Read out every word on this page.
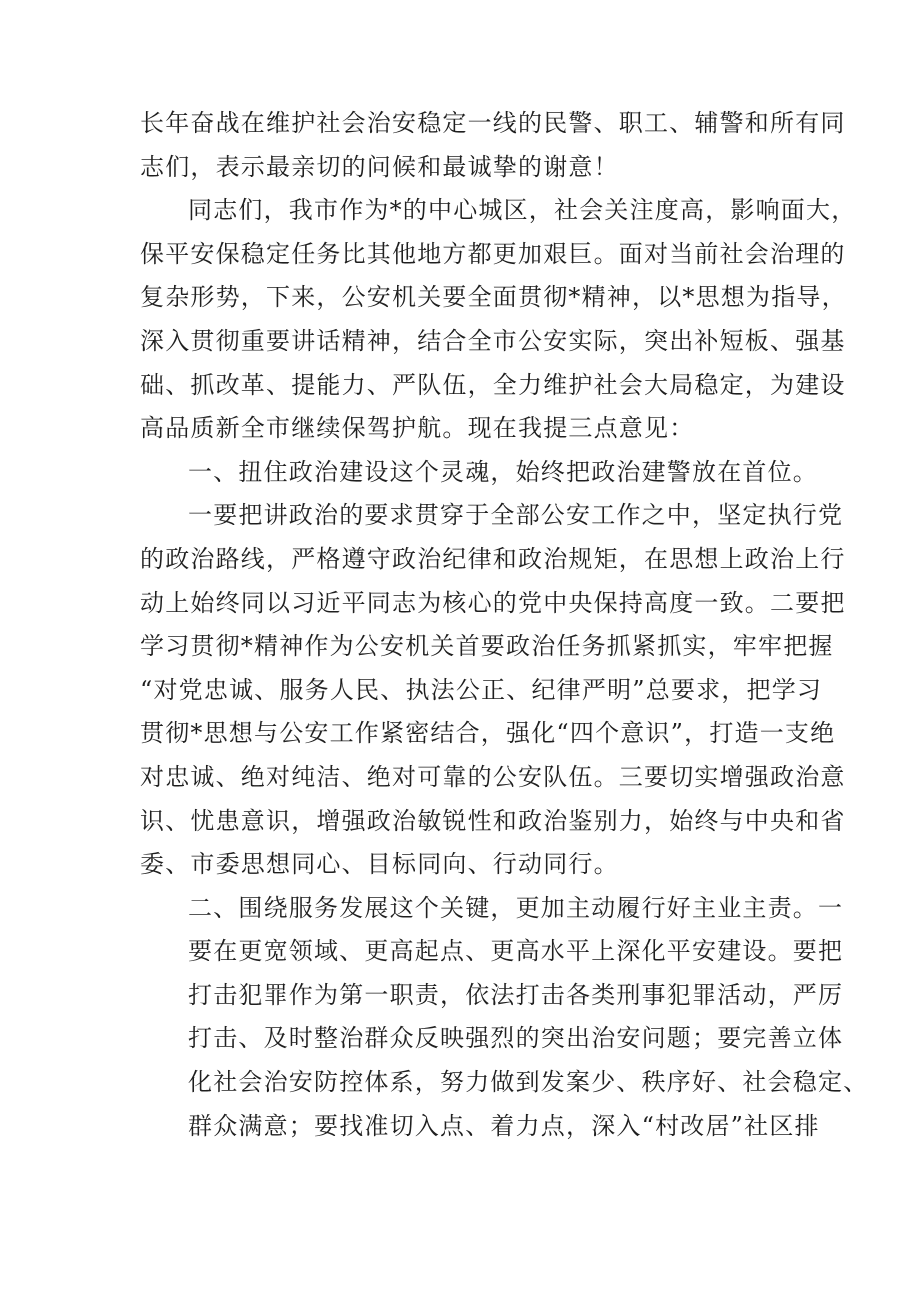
长年奋战在维护社会治安稳定一线的民警、职工、辅警和所有同
志们，表示最亲切的问候和最诚挚的谢意！
同志们，我市作为*的中心城区，社会关注度高，影响面大，
保平安保稳定任务比其他地方都更加艰巨。面对当前社会治理的
复杂形势，下来，公安机关要全面贯彻*精神，以*思想为指导，
深入贯彻重要讲话精神，结合全市公安实际，突出补短板、强基
础、抓改革、提能力、严队伍，全力维护社会大局稳定，为建设
高品质新全市继续保驾护航。现在我提三点意见：
一、扭住政治建设这个灵魂，始终把政治建警放在首位。
一要把讲政治的要求贯穿于全部公安工作之中，坚定执行党
的政治路线，严格遵守政治纪律和政治规矩，在思想上政治上行
动上始终同以习近平同志为核心的党中央保持高度一致。二要把
学习贯彻*精神作为公安机关首要政治任务抓紧抓实，牢牢把握
“对党忠诚、服务人民、执法公正、纪律严明”总要求，把学习
贯彻*思想与公安工作紧密结合，强化“四个意识”，打造一支绝
对忠诚、绝对纯洁、绝对可靠的公安队伍。三要切实增强政治意
识、忧患意识，增强政治敏锐性和政治鉴别力，始终与中央和省
委、市委思想同心、目标同向、行动同行。
二、围绕服务发展这个关键，更加主动履行好主业主责。一
要在更宽领域、更高起点、更高水平上深化平安建设。要把
打击犯罪作为第一职责，依法打击各类刑事犯罪活动，严厉
打击、及时整治群众反映强烈的突出治安问题；要完善立体
化社会治安防控体系，努力做到发案少、秩序好、社会稳定、
群众满意；要找准切入点、着力点，深入“村改居”社区排
